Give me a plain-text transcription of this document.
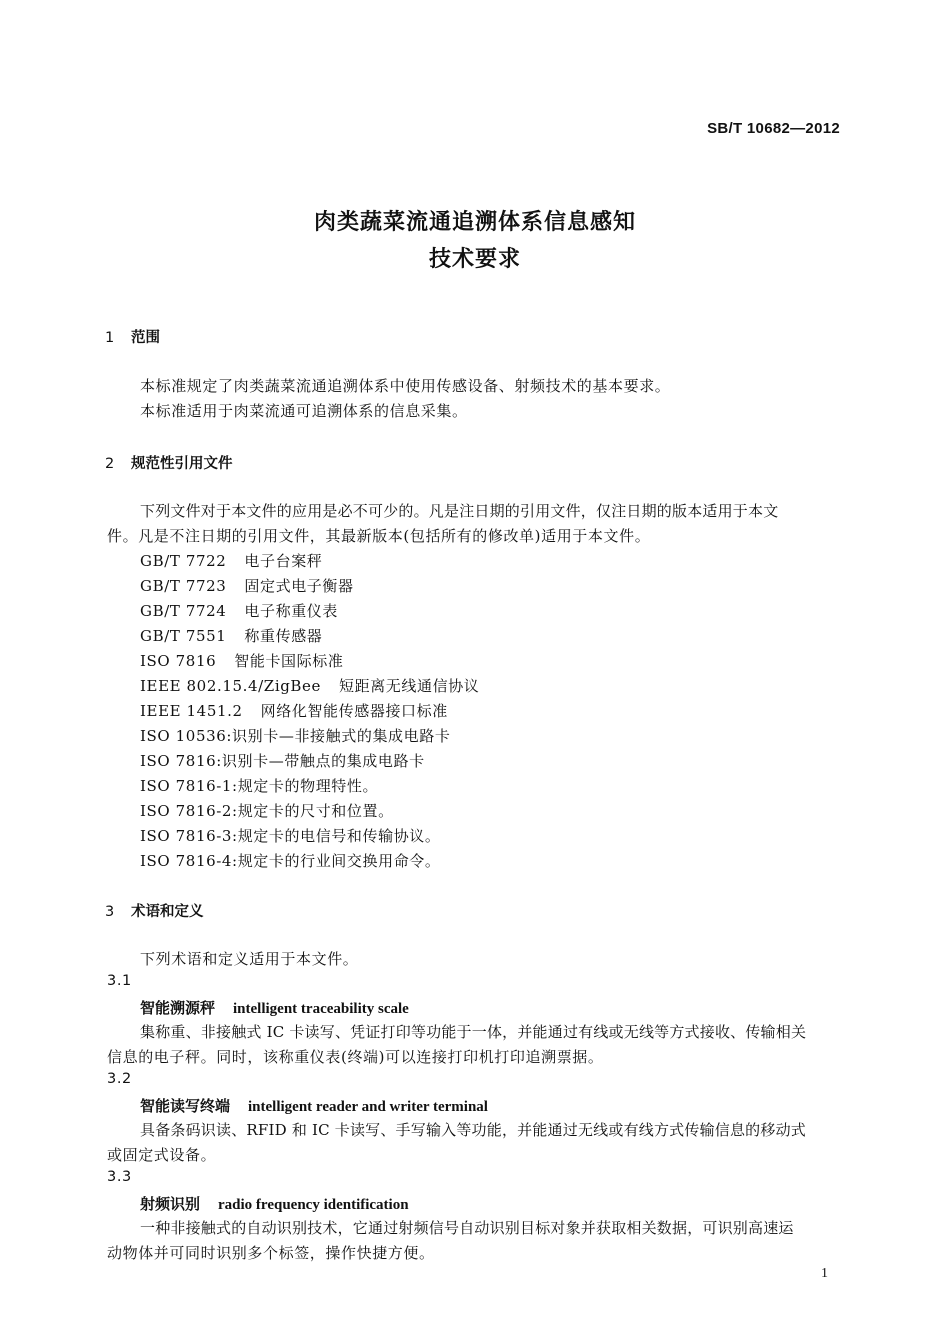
SB/T 10682—2012
肉类蔬菜流通追溯体系信息感知
技术要求
1 范围
本标准规定了肉类蔬菜流通追溯体系中使用传感设备、射频技术的基本要求。
本标准适用于肉菜流通可追溯体系的信息采集。
2 规范性引用文件
下列文件对于本文件的应用是必不可少的。凡是注日期的引用文件，仅注日期的版本适用于本文
件。凡是不注日期的引用文件，其最新版本(包括所有的修改单)适用于本文件。
GB/T 7722 电子台案秤
GB/T 7723 固定式电子衡器
GB/T 7724 电子称重仪表
GB/T 7551 称重传感器
ISO 7816 智能卡国际标准
IEEE 802.15.4/ZigBee 短距离无线通信协议
IEEE 1451.2 网络化智能传感器接口标准
ISO 10536:识别卡—非接触式的集成电路卡
ISO 7816:识别卡—带触点的集成电路卡
ISO 7816-1:规定卡的物理特性。
ISO 7816-2:规定卡的尺寸和位置。
ISO 7816-3:规定卡的电信号和传输协议。
ISO 7816-4:规定卡的行业间交换用命令。
3 术语和定义
下列术语和定义适用于本文件。
3.1
智能溯源秤 intelligent traceability scale
集称重、非接触式 IC 卡读写、凭证打印等功能于一体，并能通过有线或无线等方式接收、传输相关
信息的电子秤。同时，该称重仪表(终端)可以连接打印机打印追溯票据。
3.2
智能读写终端 intelligent reader and writer terminal
具备条码识读、RFID 和 IC 卡读写、手写输入等功能，并能通过无线或有线方式传输信息的移动式
或固定式设备。
3.3
射频识别 radio frequency identification
一种非接触式的自动识别技术，它通过射频信号自动识别目标对象并获取相关数据，可识别高速运
动物体并可同时识别多个标签，操作快捷方便。
1
